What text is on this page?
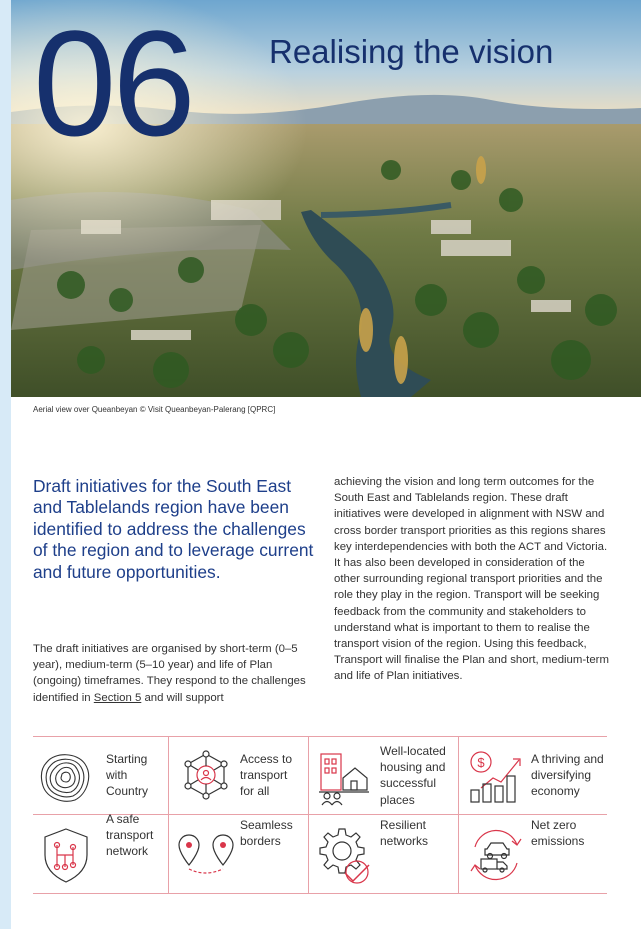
06 Realising the vision
Aerial view over Queanbeyan © Visit Queanbeyan-Palerang [QPRC]
Draft initiatives for the South East and Tablelands region have been identified to address the challenges of the region and to leverage current and future opportunities.
The draft initiatives are organised by short-term (0–5 year), medium-term (5–10 year) and life of Plan (ongoing) timeframes. They respond to the challenges identified in Section 5 and will support
achieving the vision and long term outcomes for the South East and Tablelands region. These draft initiatives were developed in alignment with NSW and cross border transport priorities as this regions shares key interdependencies with both the ACT and Victoria. It has also been developed in consideration of the other surrounding regional transport priorities and the role they play in the region. Transport will be seeking feedback from the community and stakeholders to understand what is important to them to realise the transport vision of the region. Using this feedback, Transport will finalise the Plan and short, medium-term and life of Plan initiatives.
Starting with Country
Access to transport for all
Well-located housing and successful places
$	A thriving and diversifying economy
A safe transport network
Seamless borders
Resilient networks
Net zero emissions
